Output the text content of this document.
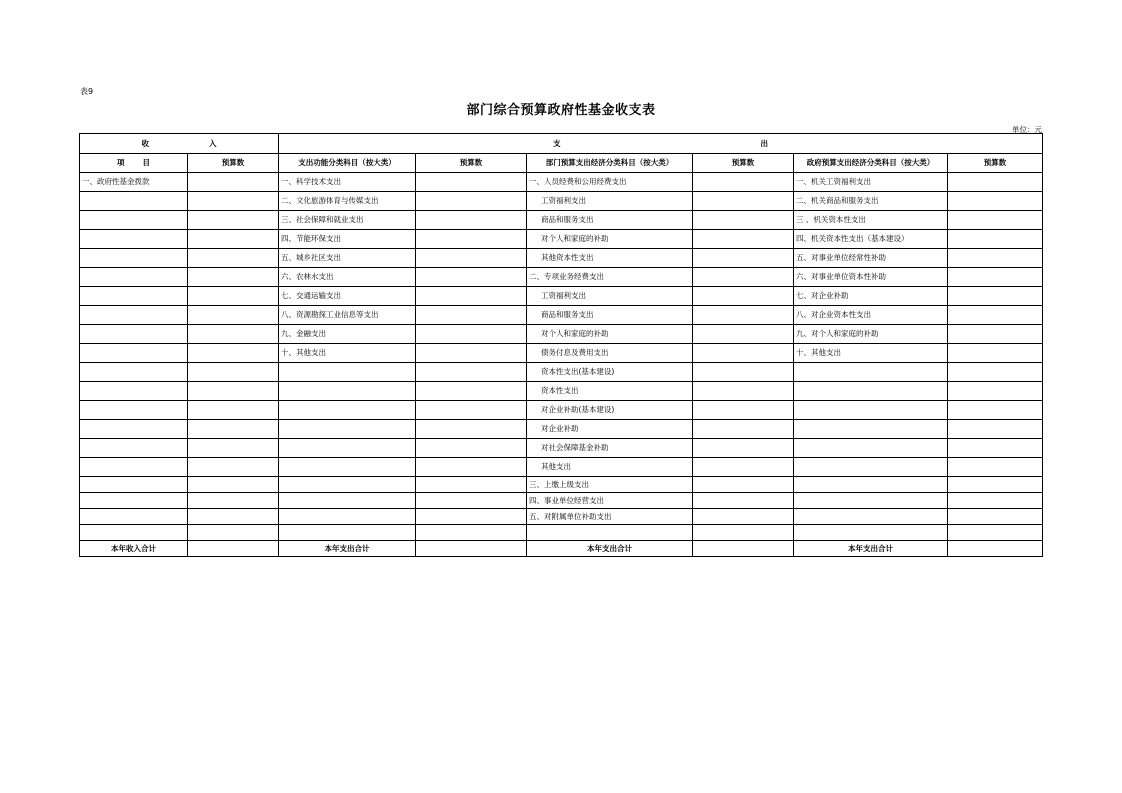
表9
部门综合预算政府性基金收支表
单位：元
收 入		支 出					
项 目	预算数	支出功能分类科目（按大类）	预算数	部门预算支出经济分类科目（按大类）	预算数	政府预算支出经济分类科目（按大类）	预算数
一、政府性基金拨款		一、科学技术支出		一、人员经费和公用经费支出		一、机关工资福利支出	
		二、文化旅游体育与传媒支出		工资福利支出		二、机关商品和服务支出	
		三、社会保障和就业支出		商品和服务支出		三 、机关资本性支出	
		四、节能环保支出		对个人和家庭的补助		四、机关资本性支出（基本建设）	
		五、城乡社区支出		其他资本性支出		五、对事业单位经常性补助	
		六、农林水支出		二、专项业务经费支出		六、对事业单位资本性补助	
		七、交通运输支出		工资福利支出		七、对企业补助	
		八、资源勘探工业信息等支出		商品和服务支出		八、对企业资本性支出	
		九、金融支出		对个人和家庭的补助		九、对个人和家庭的补助	
		十、其他支出		债务付息及费用支出		十、其他支出	
				资本性支出(基本建设)			
				资本性支出			
				对企业补助(基本建设)			
				对企业补助			
				对社会保障基金补助			
				其他支出			
				三、上缴上级支出			
				四、事业单位经营支出			
				五、对附属单位补助支出			

本年收入合计		本年支出合计		本年支出合计		本年支出合计	
